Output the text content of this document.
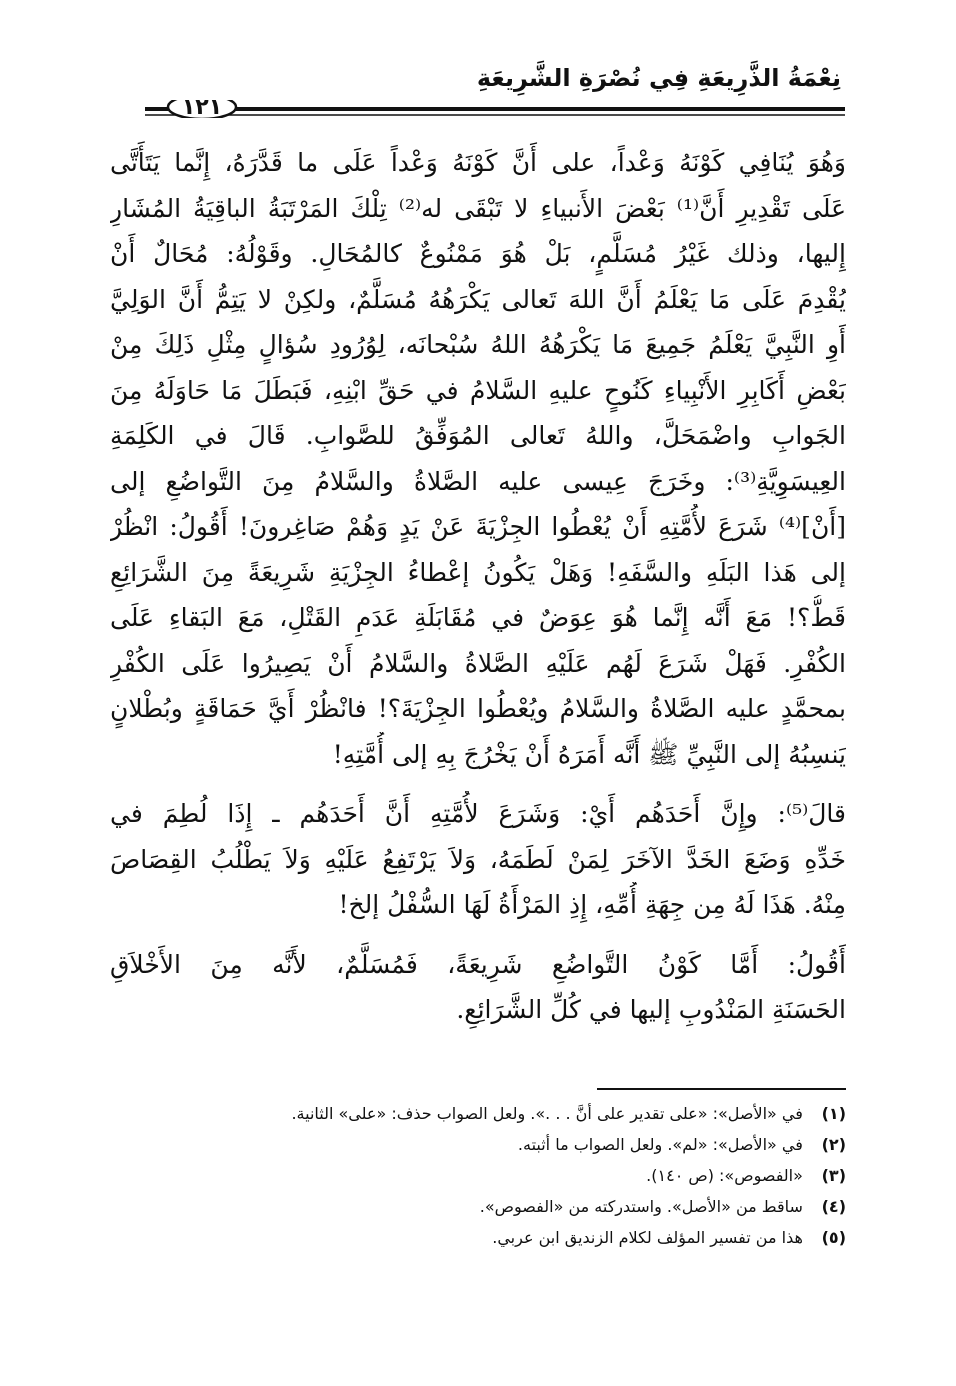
نِعْمَةُ الذَّرِيعَةِ فِي نُصْرَةِ الشَّرِيعَةِ
١٢١
وَهُوَ يُنَافِي كَوْنَهُ وَعْداً، على أَنَّ كَوْنَهُ وَعْداً عَلَى ما قَدَّرَهُ، إِنَّما يَتَأَتَّى
عَلَى تَقْدِيرِ أَنَّ⁽¹⁾ بَعْضَ الأَنبياءِ لا تَبْقَى له⁽²⁾ تِلْكَ المَرْتَبَةُ الباقِيَةُ المُشَارِ
إِليها، وذلك غَيْرُ مُسَلَّمٍ، بَلْ هُوَ مَمْنُوعٌ كالمُحَالِ. وقَوْلُهُ: مُحَالٌ أَنْ
يُقْدِمَ عَلَى مَا يَعْلَمُ أَنَّ اللهَ تَعالى يَكْرَهُهُ مُسَلَّمٌ، ولكِنْ لا يَتِمُّ أَنَّ الوَلِيَّ
أَوِ النَّبِيَّ يَعْلَمُ جَمِيعَ مَا يَكْرَهُهُ اللهُ سُبْحانَه، لِوُرُودِ سُؤالٍ مِثْلِ ذَلِكَ مِنْ
بَعْضِ أَكَابِرِ الأَنْبِياءِ كَنُوحٍ عليهِ السَّلامُ في حَقِّ ابْنِهِ، فَبَطَلَ مَا حَاوَلَهُ مِنَ
الجَوابِ واضْمَحَلَّ، واللهُ تَعالى المُوَفِّقُ للصَّوابِ. قَالَ في الكَلِمَةِ
العِيسَوِيَّةِ⁽³⁾: وخَرَجَ عِيسى عليه الصَّلاةُ والسَّلامُ مِنَ التَّواضُعِ إلى
[أَنْ]⁽⁴⁾ شَرَعَ لأُمَّتِهِ أَنْ يُعْطُوا الجِزْيَةَ عَنْ يَدٍ وَهُمْ صَاغِرونَ! أَقُولُ: انْظُرْ
إلى هَذا البَلَهِ والسَّفَهِ! وَهَلْ يَكُونُ إعْطاءُ الجِزْيَةِ شَرِيعَةً مِنَ الشَّرَائِعِ
قَطُّ؟! مَعَ أَنَّه إِنَّما هُوَ عِوَضٌ في مُقَابَلَةِ عَدَمِ القَتْلِ، مَعَ البَقاءِ عَلَى
الكُفْرِ. فَهَلْ شَرَعَ لَهُم عَلَيْهِ الصَّلاةُ والسَّلامُ أَنْ يَصِيرُوا عَلَى الكُفْرِ
بمحمَّدٍ عليه الصَّلاةُ والسَّلامُ ويُعْطُوا الجِزْيَةَ؟! فانْظُرْ أَيَّ حَمَاقَةٍ وبُطْلانٍ
يَنسِبُهُ إلى النَّبِيِّ ﷺ أَنَّه أَمَرَهُ أَنْ يَخْرُجَ بِهِ إلى أُمَّتِهِ!
قالَ⁽⁵⁾: وإِنَّ أَحَدَهُم أَيْ: وَشَرَعَ لأُمَّتِهِ أَنَّ أَحَدَهُم ـ إِذَا لُطِمَ في
خَدِّهِ وَضَعَ الخَدَّ الآخَرَ لِمَنْ لَطَمَهُ، وَلاَ يَرْتَفِعُ عَلَيْهِ وَلاَ يَطْلُبُ القِصَاصَ
مِنْهُ. هَذَا لَهُ مِن جِهَةِ أُمِّهِ، إِذِ المَرْأَةُ لَهَا السُّفْلُ إلخ!
أَقُولُ: أَمَّا كَوْنُ التَّواضُعِ شَرِيعَةً، فَمُسَلَّمٌ، لأَنَّه مِنَ الأَخْلاَقِ
الحَسَنَةِ المَنْدُوبِ إليها في كُلِّ الشَّرَائِعِ.
(١) في «الأصل»: «على تقدير على أنَّ . . .». ولعل الصواب حذف: «على» الثانية.
(٢) في «الأصل»: «لم». ولعل الصواب ما أثبته.
(٣) «الفصوص»: (ص ١٤٠).
(٤) ساقط من «الأصل». واستدركته من «الفصوص».
(٥) هذا من تفسير المؤلف لكلام الزنديق ابن عربي.
